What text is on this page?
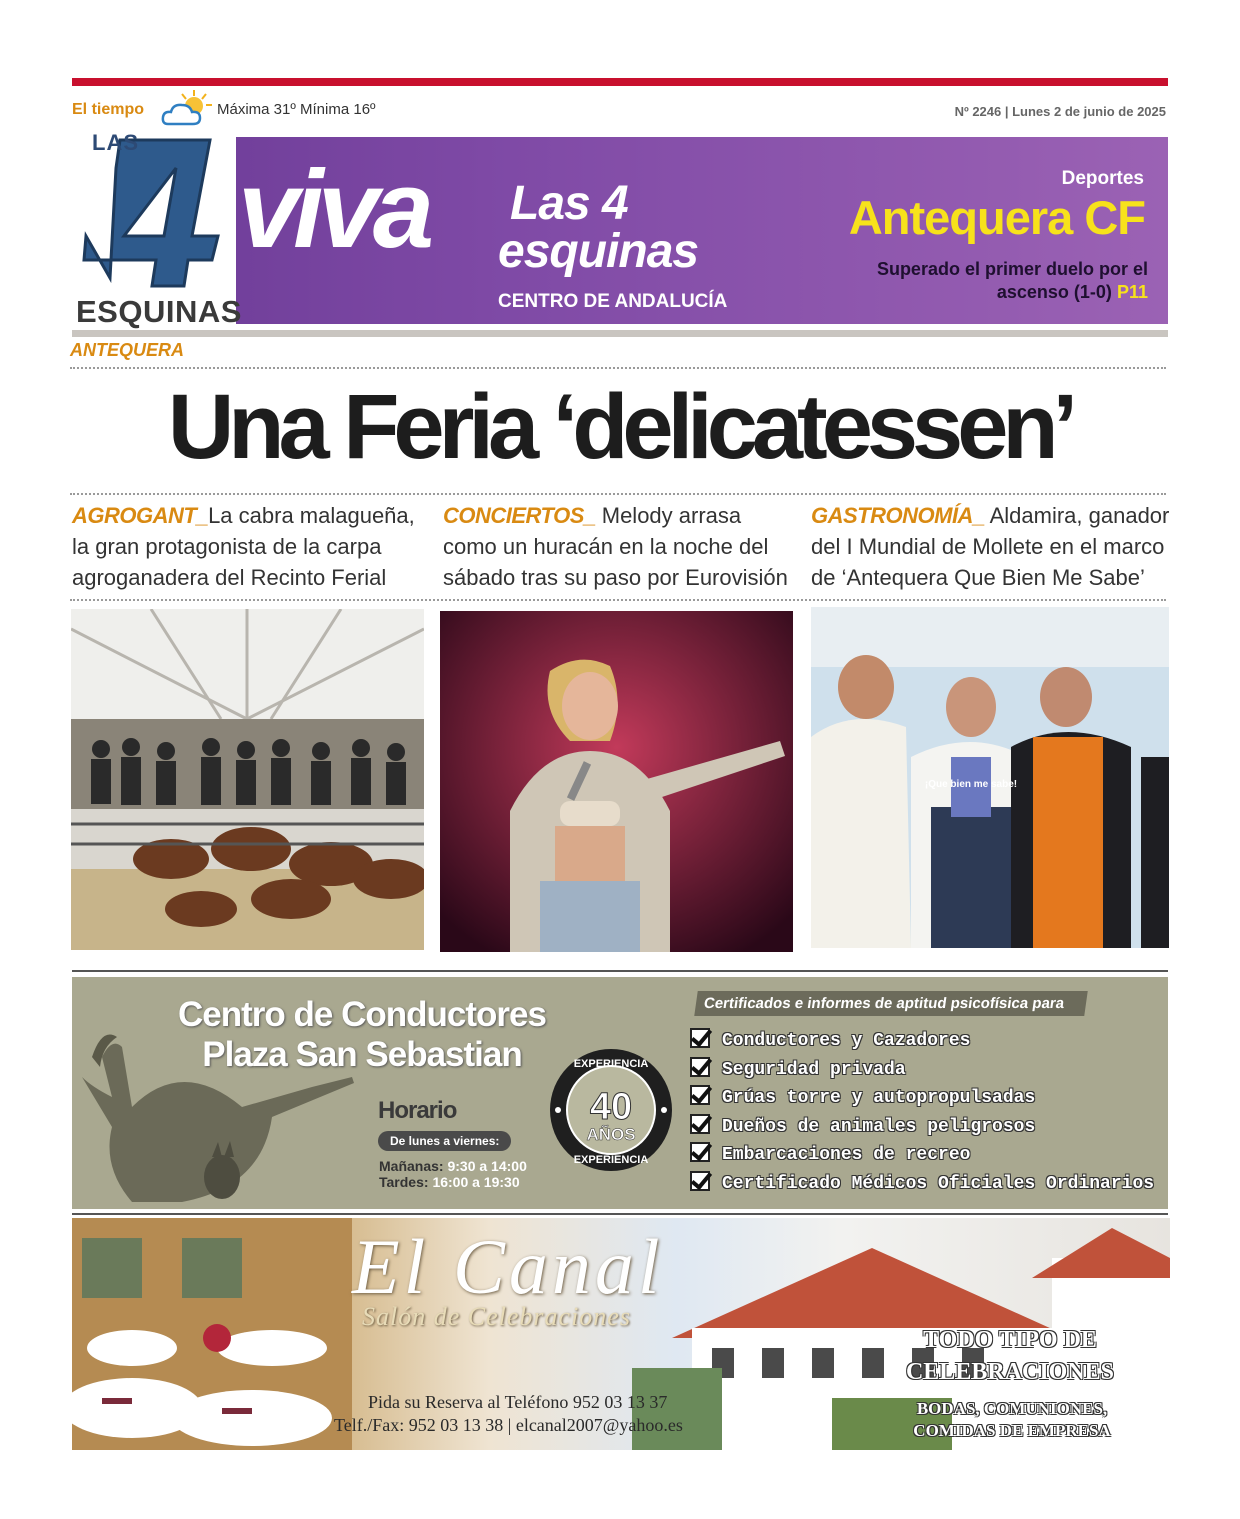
El tiempo	Máxima 31º Mínima 16º	Nº 2246 | Lunes 2 de junio de 2025
LAS
ESQUINAS
viva Las 4
esquinas
CENTRO DE ANDALUCÍA
Deportes
Antequera CF
Superado el primer duelo por el ascenso (1-0) P11
ANTEQUERA
Una Feria ‘delicatessen’
AGROGANT_La cabra malagueña, la gran protagonista de la carpa agroganadera del Recinto Ferial
CONCIERTOS_ Melody arrasa como un huracán en la noche del sábado tras su paso por Eurovisión
GASTRONOMÍA_ Aldamira, ganador del I Mundial de Mollete en el marco de ‘Antequera Que Bien Me Sabe’
¡Que bien me sabe!
Centro de Conductores
Plaza San Sebastian
Horario
De lunes a viernes:
Mañanas: 9:30 a 14:00
Tardes: 16:00 a 19:30
EXPERIENCIA
40
AÑOS
EXPERIENCIA
Certificados e informes de aptitud psicofísica para
Conductores y Cazadores
Seguridad privada
Grúas torre y autopropulsadas
Dueños de animales peligrosos
Embarcaciones de recreo
Certificado Médicos Oficiales Ordinarios
El Canal
Salón de Celebraciones
Pida su Reserva al Teléfono 952 03 13 37
Telf./Fax: 952 03 13 38 | elcanal2007@yahoo.es
TODO TIPO DE
CELEBRACIONES
BODAS, COMUNIONES,
COMIDAS DE EMPRESA
